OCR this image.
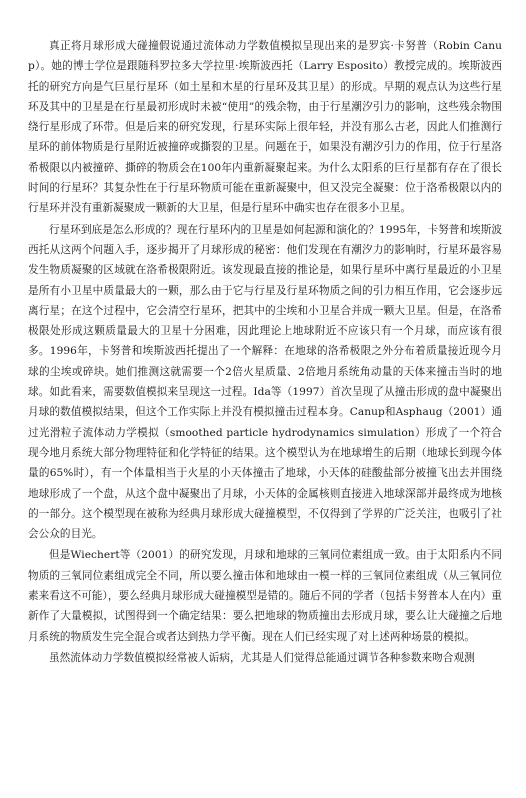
真正将月球形成大碰撞假说通过流体动力学数值模拟呈现出来的是罗宾·卡努普（Robin Canup）。她的博士学位是跟随科罗拉多大学拉里·埃斯波西托（Larry Esposito）教授完成的。埃斯波西托的研究方向是气巨星行星环（如土星和木星的行星环及其卫星）的形成。早期的观点认为这些行星环及其中的卫星是在行星最初形成时未被“使用”的残余物，由于行星潮汐引力的影响，这些残余物围绕行星形成了环带。但是后来的研究发现，行星环实际上很年轻，并没有那么古老，因此人们推测行星环的前体物质是行星附近被撞碎或撕裂的卫星。问题在于，如果没有潮汐引力的作用，位于行星洛希极限以内被撞碎、撕碎的物质会在100年内重新凝聚起来。为什么太阳系的巨行星都有存在了很长时间的行星环？其复杂性在于行星环物质可能在重新凝聚中，但又没完全凝聚：位于洛希极限以内的行星环并没有重新凝聚成一颗新的大卫星，但是行星环中确实也存在很多小卫星。

行星环到底是怎么形成的？现在行星环内的卫星是如何起源和演化的？1995年，卡努普和埃斯波西托从这两个问题入手，逐步揭开了月球形成的秘密：他们发现在有潮汐力的影响时，行星环最容易发生物质凝聚的区域就在洛希极限附近。该发现最直接的推论是，如果行星环中离行星最近的小卫星是所有小卫星中质量最大的一颗，那么由于它与行星及行星环物质之间的引力相互作用，它会逐步远离行星；在这个过程中，它会清空行星环，把其中的尘埃和小卫星合并成一颗大卫星。但是，在洛希极限处形成这颗质量最大的卫星十分困难，因此理论上地球附近不应该只有一个月球，而应该有很多。1996年，卡努普和埃斯波西托提出了一个解释：在地球的洛希极限之外分布着质量接近现今月球的尘埃或碎块。她们推测这就需要一个2倍火星质量、2倍地月系统角动量的天体来撞击当时的地球。如此看来，需要数值模拟来呈现这一过程。Ida等（1997）首次呈现了从撞击形成的盘中凝聚出月球的数值模拟结果，但这个工作实际上并没有模拟撞击过程本身。Canup和Asphaug（2001）通过光滑粒子流体动力学模拟（smoothed particle hydrodynamics simulation）形成了一个符合现今地月系统大部分物理特征和化学特征的结果。这个模型认为在地球增生的后期（地球长到现今体量的65%时），有一个体量相当于火星的小天体撞击了地球，小天体的硅酸盐部分被撞飞出去并围绕地球形成了一个盘，从这个盘中凝聚出了月球，小天体的金属核则直接进入地球深部并最终成为地核的一部分。这个模型现在被称为经典月球形成大碰撞模型，不仅得到了学界的广泛关注，也吸引了社会公众的目光。

但是Wiechert等（2001）的研究发现，月球和地球的三氧同位素组成一致。由于太阳系内不同物质的三氧同位素组成完全不同，所以要么撞击体和地球由一模一样的三氧同位素组成（从三氧同位素来看这不可能），要么经典月球形成大碰撞模型是错的。随后不同的学者（包括卡努普本人在内）重新作了大量模拟，试图得到一个确定结果：要么把地球的物质撞出去形成月球，要么让大碰撞之后地月系统的物质发生完全混合或者达到热力学平衡。现在人们已经实现了对上述两种场景的模拟。

虽然流体动力学数值模拟经常被人诟病，尤其是人们觉得总能通过调节各种参数来吻合观测
